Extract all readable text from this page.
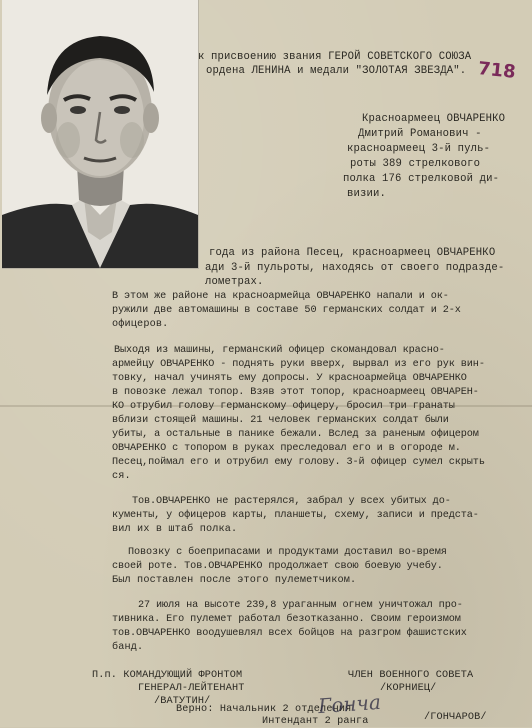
к присвоению звания ГЕРОЙ СОВЕТСКОГО СОЮЗА
ордена ЛЕНИНА и медали "ЗОЛОТАЯ ЗВЕЗДА". 718
Красноармеец ОВЧАРЕНКО
Дмитрий Романович -
красноармеец 3-й пуль-
роты 389 стрелкового
полка 176 стрелковой ди-
визии.
года из района Песец, красноармеец ОВЧАРЕНКО
ади 3-й пульроты, находясь от своего подразде-
лометрах.
В этом же районе на красноармейца ОВЧАРЕНКО напали и ок-
ружили две автомашины в составе 50 германских солдат и 2-х
офицеров.
Выходя из машины, германский офицер скомандовал красно-
армейцу ОВЧАРЕНКО - поднять руки вверх, вырвал из его рук вин-
товку, начал учинять ему допросы. У красноармейца ОВЧАРЕНКО
в повозке лежал топор. Взяв этот топор, красноармеец ОВЧАРЕН-
КО отрубил голову германскому офицеру, бросил три гранаты
вблизи стоящей машины. 21 человек германских солдат были
убиты, а остальные в панике бежали. Вслед за раненым офицером
ОВЧАРЕНКО с топором в руках преследовал его и в огороде м.
Песец,поймал его и отрубил ему голову. 3-й офицер сумел скрыть
ся.
Тов.ОВЧАРЕНКО не растерялся, забрал у всех убитых до-
кументы, у офицеров карты, планшеты, схему, записи и предста-
вил их в штаб полка.
Повозку с боеприпасами и продуктами доставил во-время
своей роте. Тов.ОВЧАРЕНКО продолжает свою боевую учебу.
Был поставлен после этого пулеметчиком.
27 июля на высоте 239,8 ураганным огнем уничтожал про-
тивника. Его пулемет работал безотказанно. Своим героизмом
тов.ОВЧАРЕНКО воодушевлял всех бойцов на разгром фашистских
банд.
П.п. КОМАНДУЮЩИЙ ФРОНТОМ
ГЕНЕРАЛ-ЛЕЙТЕНАНТ
/ВАТУТИН/
ЧЛЕН ВОЕННОГО СОВЕТА
/КОРНИЕЦ/
Верно: Начальник 2 отделения
Интендант 2 ранга	/ГОНЧАРОВ/
Гонча
